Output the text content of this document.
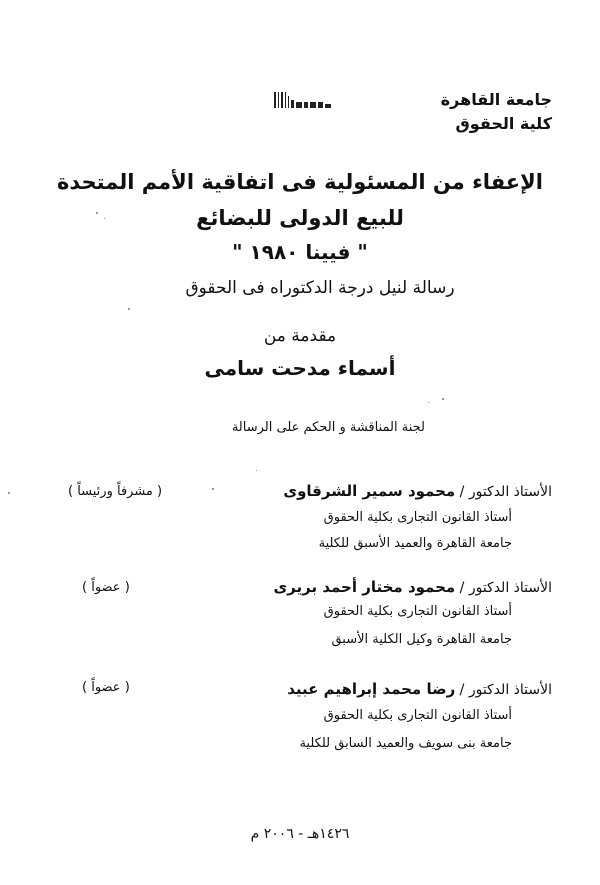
جامعة القاهرة
كلية الحقوق
الإعفاء من المسئولية فى اتفاقية الأمم المتحدة
للبيع الدولى للبضائع
" فيينا ١٩٨٠ "
رسالة لنيل درجة الدكتوراه فى الحقوق
مقدمة من
أسماء مدحت سامى
لجنة المناقشة و الحكم على الرسالة
الأستاذ الدكتور / محمود سمير الشرقاوى
( مشرفاً ورئيساً )
أستاذ القانون التجارى بكلية الحقوق
جامعة القاهرة والعميد الأسبق للكلية
الأستاذ الدكتور / محمود مختار أحمد بريرى
( عضواً )
أستاذ القانون التجارى بكلية الحقوق
جامعة القاهرة وكيل الكلية الأسبق
الأستاذ الدكتور / رضا محمد إبراهيم عبيد
( عضواً )
أستاذ القانون التجارى بكلية الحقوق
جامعة بنى سويف والعميد السابق للكلية
١٤٢٦هـ - ٢٠٠٦ م
